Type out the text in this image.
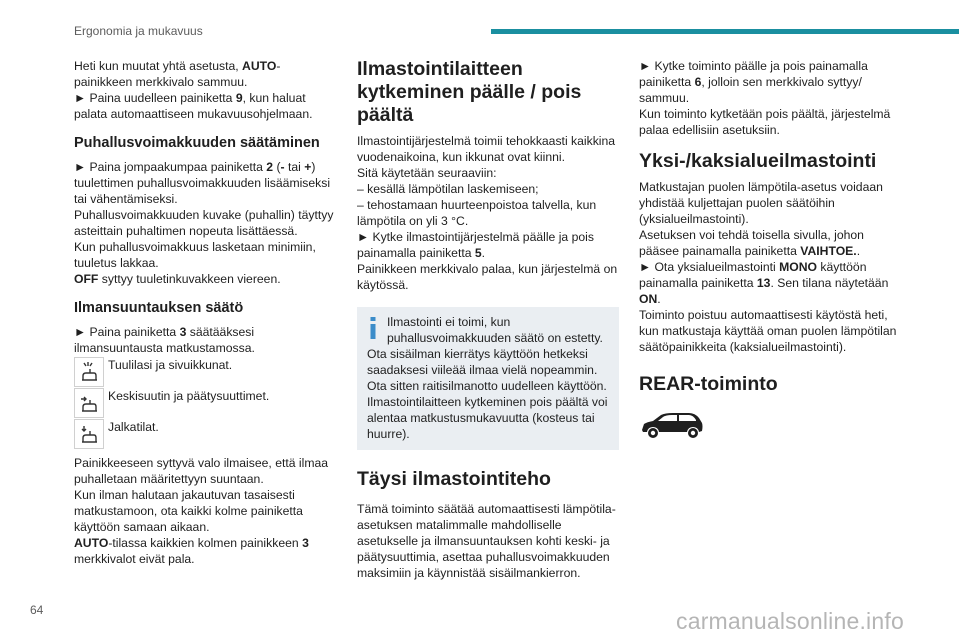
Ergonomia ja mukavuus

Heti kun muutat yhtä asetusta, AUTO-painikkeen merkkivalo sammuu.

► Paina uudelleen painiketta 9, kun haluat palata automaattiseen mukavuusohjelmaan.

Puhallusvoimakkuuden säätäminen

► Paina jompaakumpaa painiketta 2 (- tai +) tuulettimen puhallusvoimakkuuden lisäämiseksi tai vähentämiseksi.

Puhallusvoimakkuuden kuvake (puhallin) täyttyy asteittain puhaltimen nopeuta lisättäessä.

Kun puhallusvoimakkuus lasketaan minimiin, tuuletus lakkaa.

OFF syttyy tuuletinkuvakkeen viereen.

Ilmansuuntauksen säätö

► Paina painiketta 3 säätääksesi ilmansuuntausta matkustamossa.

Tuulilasi ja sivuikkunat.
Keskisuutin ja päätysuuttimet.
Jalkatilat.

Painikkeeseen syttyvä valo ilmaisee, että ilmaa puhalletaan määritettyyn suuntaan.

Kun ilman halutaan jakautuvan tasaisesti matkustamoon, ota kaikki kolme painiketta käyttöön samaan aikaan.

AUTO-tilassa kaikkien kolmen painikkeen 3 merkkivalot eivät pala.

Ilmastointilaitteen kytkeminen päälle / pois päältä

Ilmastointijärjestelmä toimii tehokkaasti kaikkina vuodenaikoina, kun ikkunat ovat kiinni.

Sitä käytetään seuraaviin:

– kesällä lämpötilan laskemiseen;

– tehostamaan huurteenpoistoa talvella, kun lämpötila on yli 3 °C.

► Kytke ilmastointijärjestelmä päälle ja pois painamalla painiketta 5.

Painikkeen merkkivalo palaa, kun järjestelmä on käytössä.

Ilmastointi ei toimi, kun puhallusvoimakkuuden säätö on estetty.

Ota sisäilman kierrätys käyttöön hetkeksi saadaksesi viileää ilmaa vielä nopeammin. Ota sitten raitisilmanotto uudelleen käyttöön.

Ilmastointilaitteen kytkeminen pois päältä voi alentaa matkustusmukavuutta (kosteus tai huurre).

Täysi ilmastointiteho

Tämä toiminto säätää automaattisesti lämpötila-asetuksen matalimmalle mahdolliselle asetukselle ja ilmansuuntauksen kohti keski- ja päätysuuttimia, asettaa puhallusvoimakkuuden maksimiin ja käynnistää sisäilmankierron.

► Kytke toiminto päälle ja pois painamalla painiketta 6, jolloin sen merkkivalo syttyy/ sammuu.

Kun toiminto kytketään pois päältä, järjestelmä palaa edellisiin asetuksiin.

Yksi-/kaksialueilmastointi

Matkustajan puolen lämpötila-asetus voidaan yhdistää kuljettajan puolen säätöihin (yksialueilmastointi).

Asetuksen voi tehdä toisella sivulla, johon pääsee painamalla painiketta VAIHTOE..

► Ota yksialueilmastointi MONO käyttöön painamalla painiketta 13. Sen tilana näytetään ON.

Toiminto poistuu automaattisesti käytöstä heti, kun matkustaja käyttää oman puolen lämpötilan säätöpainikkeita (kaksialueilmastointi).

REAR-toiminto
64	carmanualsonline.info
